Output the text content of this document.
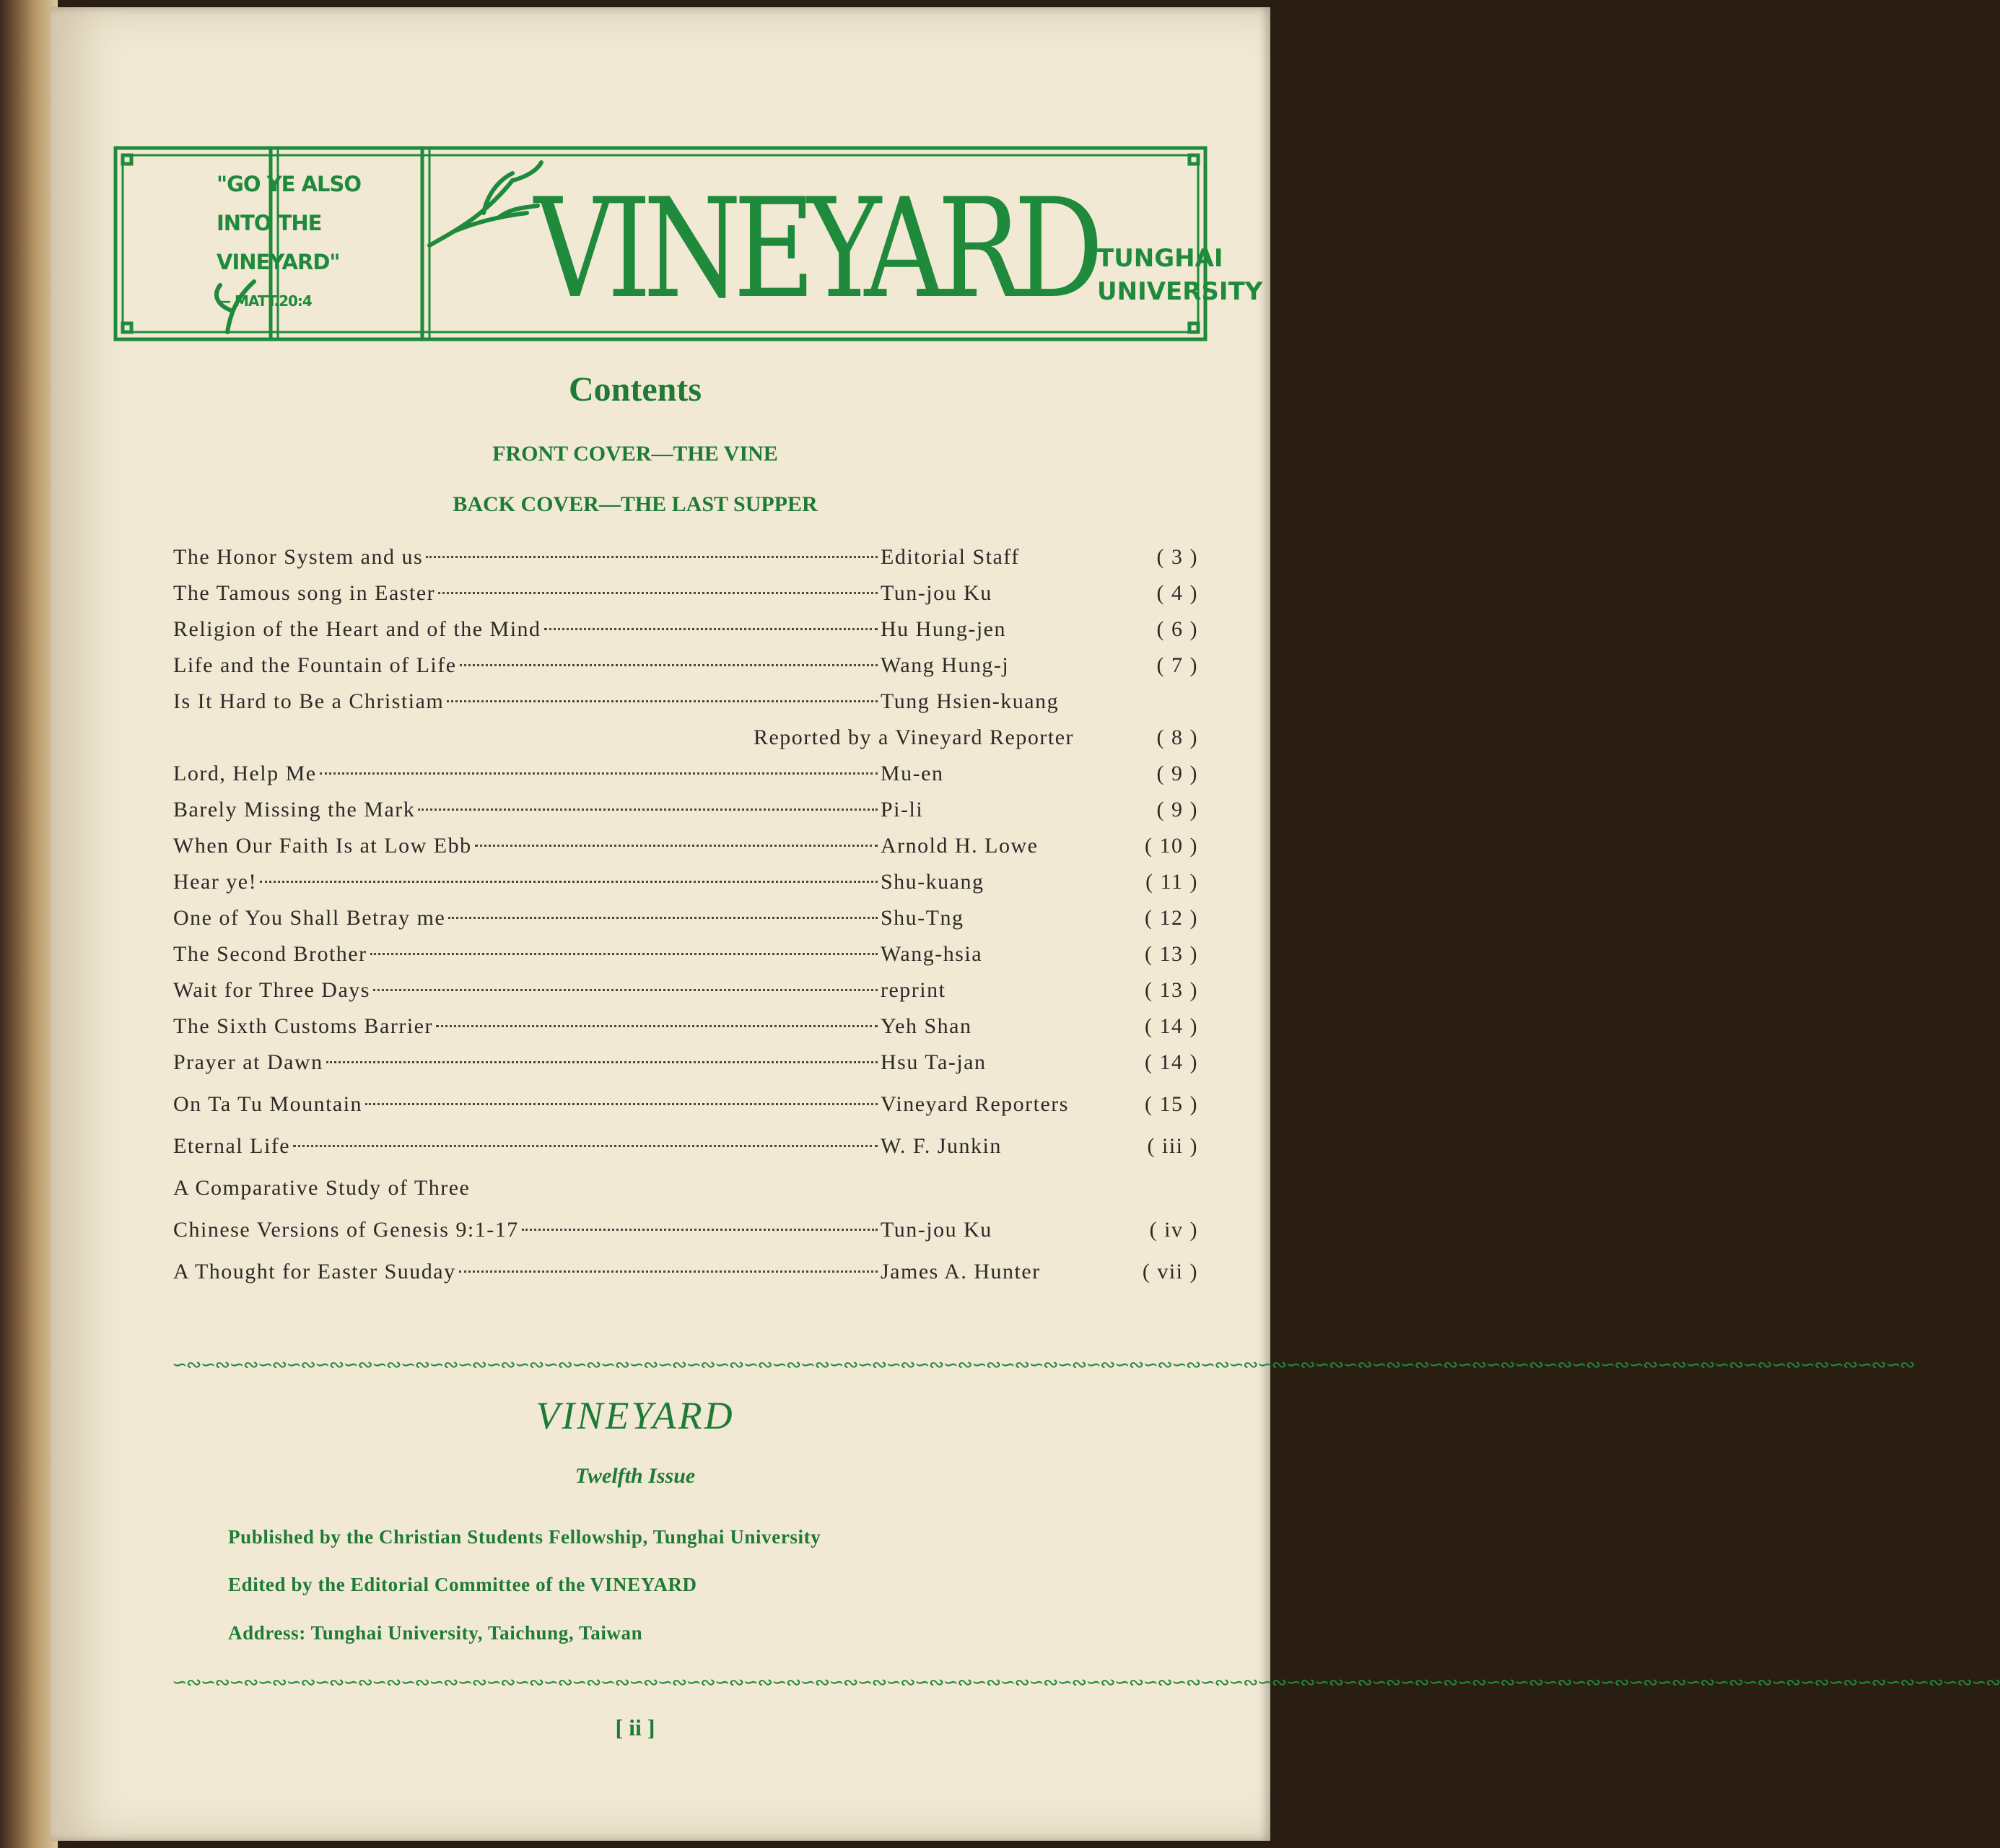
"GO YE ALSO
INTO THE
VINEYARD"
— MATT.20:4	VINEYARD TUNGHAI
UNIVERSITY
Contents
FRONT COVER—THE VINE
BACK COVER—THE LAST SUPPER
The Honor System and us	Editorial Staff	( 3 )
The Tamous song in Easter	Tun-jou Ku	( 4 )
Religion of the Heart and of the Mind	Hu Hung-jen	( 6 )
Life and the Fountain of Life	Wang Hung-j	( 7 )
Is It Hard to Be a Christiam	Tung Hsien-kuang
Reported by a Vineyard Reporter	( 8 )
Lord, Help Me	Mu-en	( 9 )
Barely Missing the Mark	Pi-li	( 9 )
When Our Faith Is at Low Ebb	Arnold H. Lowe	( 10 )
Hear ye!	Shu-kuang	( 11 )
One of You Shall Betray me	Shu-Tng	( 12 )
The Second Brother	Wang-hsia	( 13 )
Wait for Three Days	reprint	( 13 )
The Sixth Customs Barrier	Yeh Shan	( 14 )
Prayer at Dawn	Hsu Ta-jan	( 14 )
On Ta Tu Mountain	Vineyard Reporters	( 15 )
Eternal Life	W. F. Junkin	( iii )
A Comparative Study of Three
Chinese Versions of Genesis 9:1-17	Tun-jou Ku	( iv )
A Thought for Easter Suuday	James A. Hunter	( vii )
∽∾∽∾∽∾∽∾∽∾∽∾∽∾∽∾∽∾∽∾∽∾∽∾∽∾∽∾∽∾∽∾∽∾∽∾∽∾∽∾∽∾∽∾∽∾∽∾∽∾∽∾∽∾∽∾∽∾∽∾∽∾∽∾∽∾∽∾∽∾∽∾∽∾∽∾∽∾∽∾∽∾∽∾∽∾∽∾∽∾∽∾∽∾∽∾∽∾∽∾∽∾∽∾∽∾∽∾∽∾∽∾∽∾∽∾∽∾∽∾∽∾
VINEYARD
Twelfth Issue
Published by the Christian Students Fellowship, Tunghai University
Edited by the Editorial Committee of the VINEYARD
Address: Tunghai University, Taichung, Taiwan
∽∾∽∾∽∾∽∾∽∾∽∾∽∾∽∾∽∾∽∾∽∾∽∾∽∾∽∾∽∾∽∾∽∾∽∾∽∾∽∾∽∾∽∾∽∾∽∾∽∾∽∾∽∾∽∾∽∾∽∾∽∾∽∾∽∾∽∾∽∾∽∾∽∾∽∾∽∾∽∾∽∾∽∾∽∾∽∾∽∾∽∾∽∾∽∾∽∾∽∾∽∾∽∾∽∾∽∾∽∾∽∾∽∾∽∾∽∾∽∾∽∾∽∾∽∾∽∾
[ ii ]
